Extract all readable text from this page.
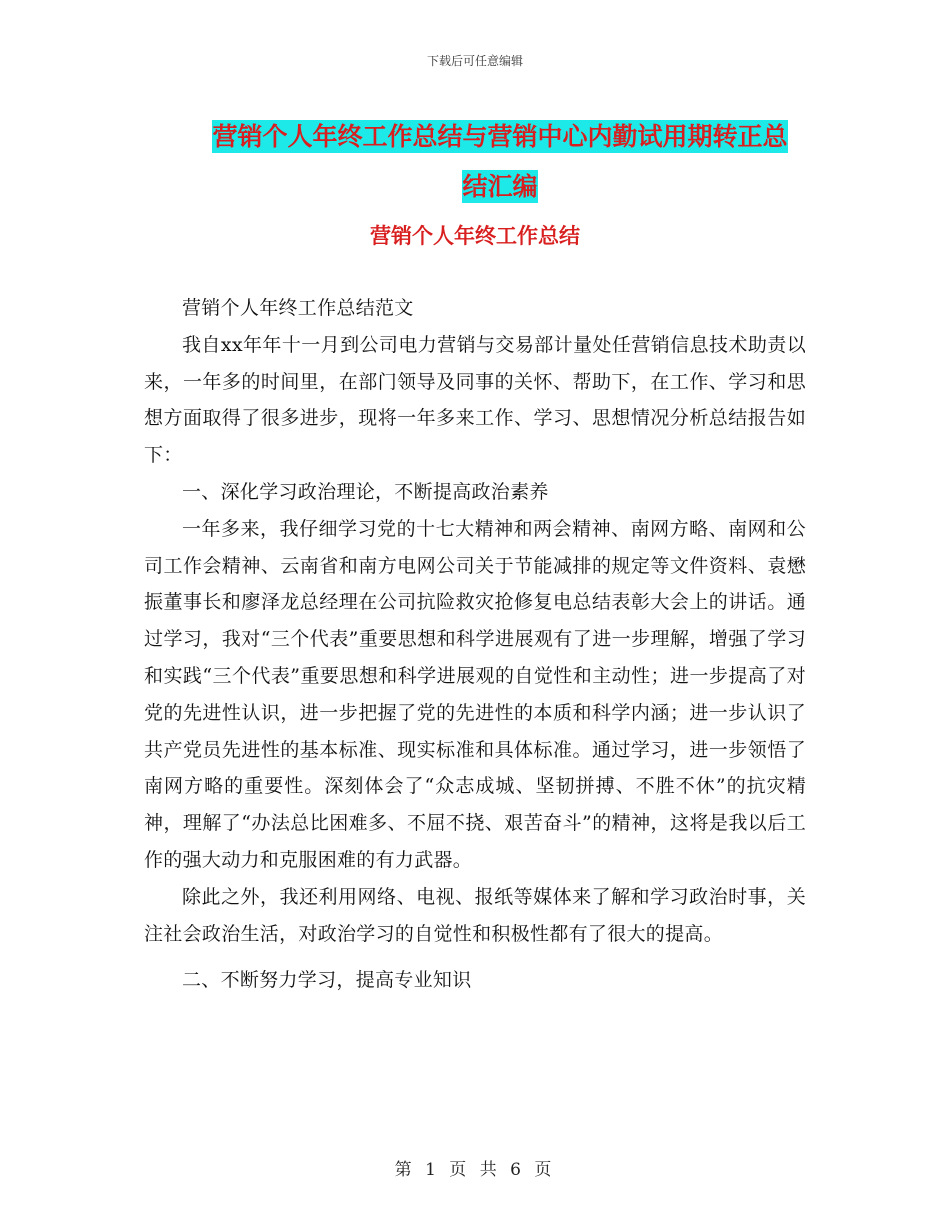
下载后可任意编辑
营销个人年终工作总结与营销中心内勤试用期转正总
结汇编
营销个人年终工作总结

营销个人年终工作总结范文

我自xx年年十一月到公司电力营销与交易部计量处任营销信息技术助责以来，一年多的时间里，在部门领导及同事的关怀、帮助下，在工作、学习和思想方面取得了很多进步，现将一年多来工作、学习、思想情况分析总结报告如下：

一、深化学习政治理论，不断提高政治素养

一年多来，我仔细学习党的十七大精神和两会精神、南网方略、南网和公司工作会精神、云南省和南方电网公司关于节能减排的规定等文件资料、袁懋振董事长和廖泽龙总经理在公司抗险救灾抢修复电总结表彰大会上的讲话。通过学习，我对“三个代表”重要思想和科学进展观有了进一步理解，增强了学习和实践“三个代表”重要思想和科学进展观的自觉性和主动性；进一步提高了对党的先进性认识，进一步把握了党的先进性的本质和科学内涵；进一步认识了共产党员先进性的基本标准、现实标准和具体标准。通过学习，进一步领悟了南网方略的重要性。深刻体会了“众志成城、坚韧拼搏、不胜不休”的抗灾精神，理解了“办法总比困难多、不屈不挠、艰苦奋斗”的精神，这将是我以后工作的强大动力和克服困难的有力武器。

除此之外，我还利用网络、电视、报纸等媒体来了解和学习政治时事，关注社会政治生活，对政治学习的自觉性和积极性都有了很大的提高。

二、不断努力学习，提高专业知识

第 1 页 共 6 页
